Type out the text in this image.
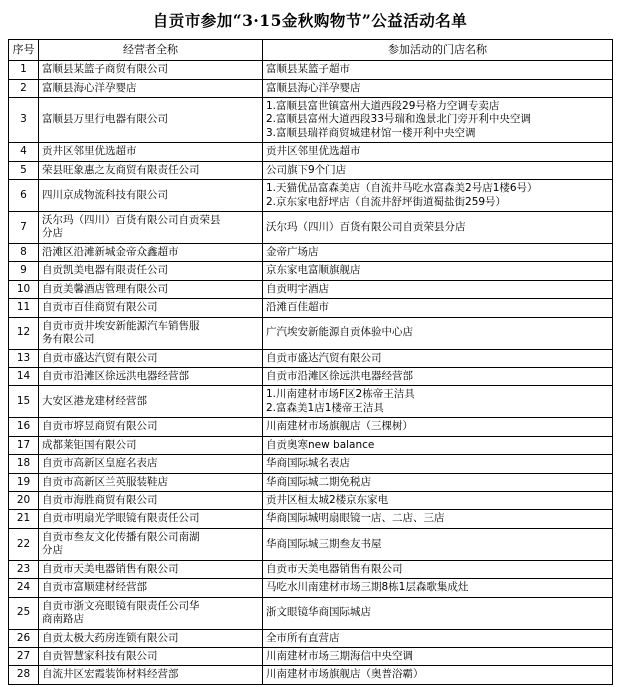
自贡市参加“3·15金秋购物节”公益活动名单
序号	经营者全称	参加活动的门店名称
1	富顺县某篮子商贸有限公司	富顺县某篮子超市

2	富顺县海心洋孕婴店	富顺县海心洋孕婴店

3	富顺县万里行电器有限公司	1.富顺县富世镇富州大道西段29号格力空调专卖店
2.富顺县富州大道西段33号瑞和逸景北门旁开利中央空调
3.富顺县瑞祥商贸城建材馆一楼开利中央空调

4	贡井区邻里优选超市	贡井区邻里优选超市

5	荣县旺象惠之友商贸有限责任公司	公司旗下9个门店

6	四川京成物流科技有限公司	1.天猫优品富森美店（自流井马吃水富森美2号店1楼6号）
2.京东家电舒坪店（自流井舒坪街道蜀盐街259号）

7	沃尔玛（四川）百货有限公司自贡荣县
分店	沃尔玛（四川）百货有限公司自贡荣县分店

8	沿滩区沿滩新城金帝众鑫超市	金帝广场店

9	自贡凯美电器有限责任公司	京东家电富顺旗舰店

10	自贡美馨酒店管理有限公司	自贡明宇酒店

11	自贡市百佳商贸有限公司	沿滩百佳超市

12	自贡市贡井埃安新能源汽车销售服
务有限公司	广汽埃安新能源自贡体验中心店

13	自贡市盛达汽贸有限公司	自贡市盛达汽贸有限公司

14	自贡市沿滩区徐远洪电器经营部	自贡市沿滩区徐远洪电器经营部

15	大安区港龙建材经营部	1.川南建材市场F区2栋帝王洁具
2.富森美1店1楼帝王洁具

16	自贡市垿昱商贸有限公司	川南建材市场旗舰店（三棵树）

17	成都莱钜国有限公司	自贡奥寒new balance

18	自贡市高新区皇庭名表店	华商国际城名表店

19	自贡市高新区兰英服装鞋店	华商国际城二期免税店

20	自贡市海胜商贸有限公司	贡井区桓太城2楼京东家电

21	自贡市明扇光学眼镜有限责任公司	华商国际城明扇眼镜一店、二店、三店

22	自贡市叁友文化传播有限公司南湖
分店	华商国际城三期叁友书屋

23	自贡市天美电器销售有限公司	自贡市天美电器销售有限公司

24	自贡市富顺建材经营部	马吃水川南建材市场三期8栋1层森歌集成灶

25	自贡市浙文亮眼镜有限责任公司华
商南路店	浙文眼镜华商国际城店

26	自贡太极大药房连锁有限公司	全市所有直营店

27	自贡智慧家科技有限公司	川南建材市场三期海信中央空调

28	自流井区宏霞装饰材料经营部	川南建材市场旗舰店（奥普浴霸）
